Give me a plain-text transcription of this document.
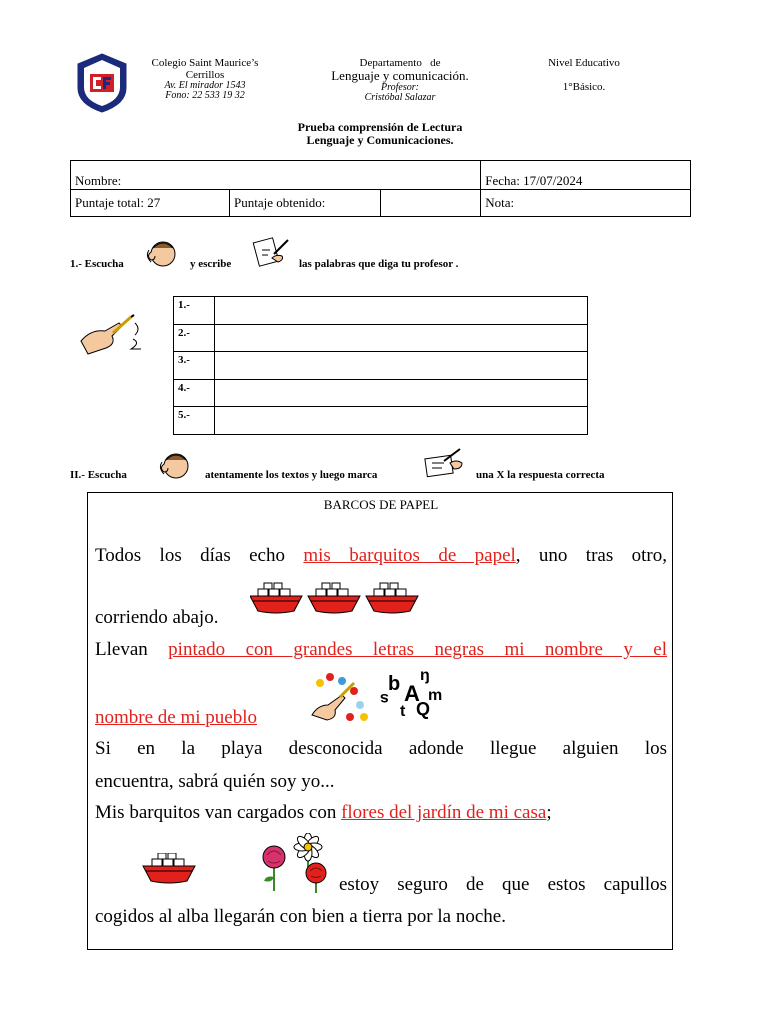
Colegio Saint Maurice’s
Cerrillos
Av. El mirador 1543
Fono: 22 533 19 32
Departamento   de
Lenguaje y comunicación.
Profesor:
Cristóbal Salazar
Nivel Educativo
1°Básico.
Prueba comprensión de Lectura
Lenguaje y Comunicaciones.
Nombre:			Fecha: 17/07/2024
Puntaje total: 27	Puntaje obtenido:		Nota:
1.- Escucha	y escribe	las palabras que diga tu profesor .
1.-	
2.-	
3.-	
4.-	
5.-	
II.- Escucha	atentamente los textos y luego marca	una X la respuesta correcta
BARCOS DE PAPEL

Todos los días echo mis barquitos de papel, uno tras otro,

corriendo abajo.

Llevan pintado con grandes letras negras mi nombre y el

b A
ŋ
m
s
t Q

nombre de mi pueblo

Si en la playa desconocida adonde llegue alguien los

encuentra, sabrá quién soy yo...

Mis barquitos van cargados con flores del jardín de mi casa;

estoy seguro de que estos capullos

cogidos al alba llegarán con bien a tierra por la noche.
